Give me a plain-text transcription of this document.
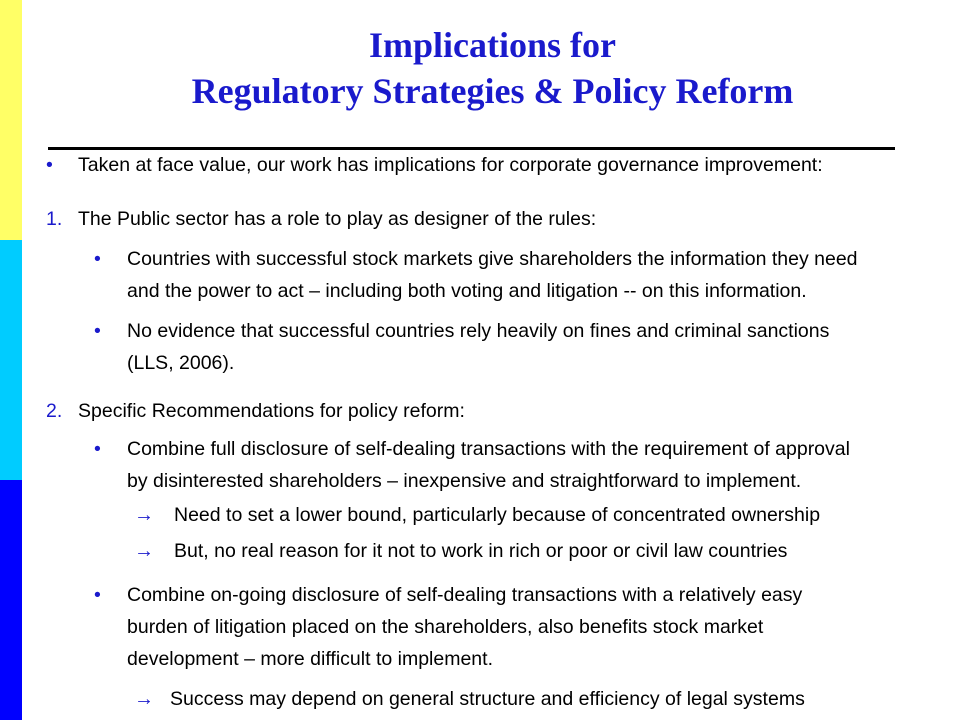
Implications for
Regulatory Strategies & Policy Reform
• Taken at face value, our work has implications for corporate governance improvement:
1. The Public sector has a role to play as designer of the rules:
• Countries with successful stock markets give shareholders the information they need
and the power to act – including both voting and litigation -- on this information.
• No evidence that successful countries rely heavily on fines and criminal sanctions
(LLS, 2006).
2. Specific Recommendations for policy reform:
• Combine full disclosure of self-dealing transactions with the requirement of approval
by disinterested shareholders – inexpensive and straightforward to implement.
→ Need to set a lower bound, particularly because of concentrated ownership
→ But, no real reason for it not to work in rich or poor or civil law countries
• Combine on-going disclosure of self-dealing transactions with a relatively easy
burden of litigation placed on the shareholders, also benefits stock market
development – more difficult to implement.
→ Success may depend on general structure and efficiency of legal systems
